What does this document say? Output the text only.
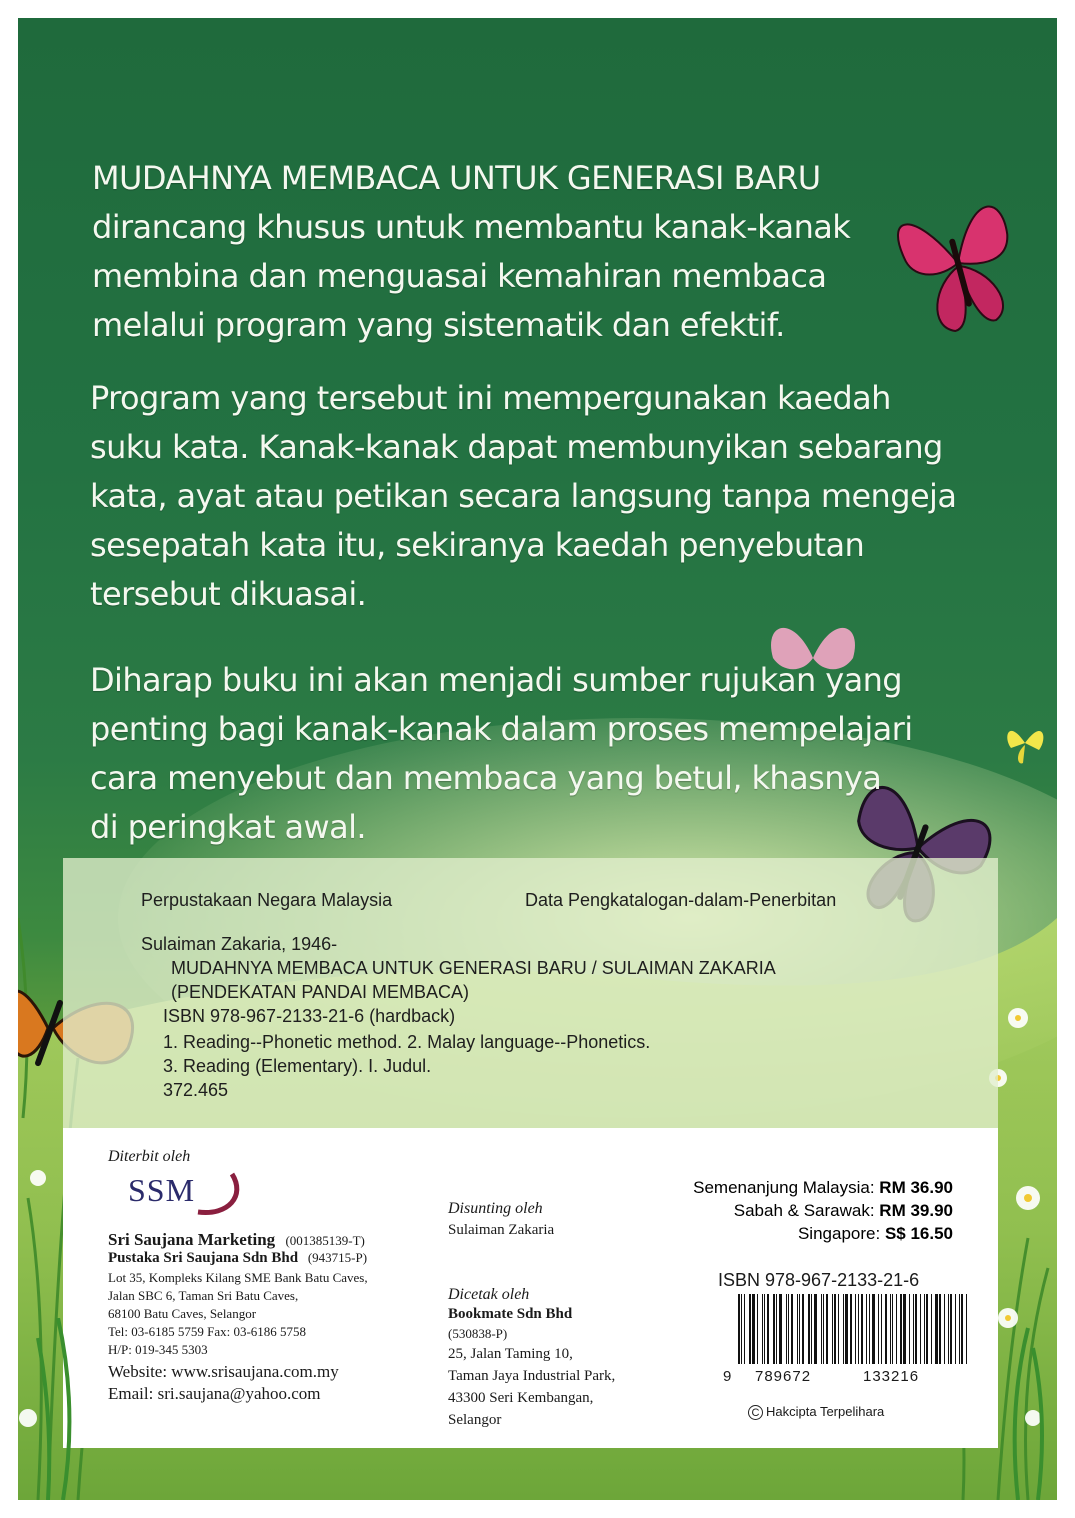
MUDAHNYA MEMBACA UNTUK GENERASI BARU
dirancang khusus untuk membantu kanak-kanak
membina dan menguasai kemahiran membaca
melalui program yang sistematik dan efektif.
Program yang tersebut ini mempergunakan kaedah
suku kata. Kanak-kanak dapat membunyikan sebarang
kata, ayat atau petikan secara langsung tanpa mengeja
sesepatah kata itu, sekiranya kaedah penyebutan
tersebut dikuasai.
Diharap buku ini akan menjadi sumber rujukan yang
penting bagi kanak-kanak dalam proses mempelajari
cara menyebut dan membaca yang betul, khasnya
di peringkat awal.
Perpustakaan Negara Malaysia	Data Pengkatalogan-dalam-Penerbitan
Sulaiman Zakaria, 1946-
MUDAHNYA MEMBACA UNTUK GENERASI BARU / SULAIMAN ZAKARIA
(PENDEKATAN PANDAI MEMBACA)
ISBN 978-967-2133-21-6 (hardback)
1. Reading--Phonetic method. 2. Malay language--Phonetics.
3. Reading (Elementary). I. Judul.
372.465
Diterbit oleh
SSM
Sri Saujana Marketing (001385139-T)
Pustaka Sri Saujana Sdn Bhd (943715-P)
Lot 35, Kompleks Kilang SME Bank Batu Caves,
Jalan SBC 6, Taman Sri Batu Caves,
68100 Batu Caves, Selangor
Tel: 03-6185 5759 Fax: 03-6186 5758
H/P: 019-345 5303
Website: www.srisaujana.com.my
Email: sri.saujana@yahoo.com
Disunting oleh
Sulaiman Zakaria
Dicetak oleh
Bookmate Sdn Bhd
(530838-P)
25, Jalan Taming 10,
Taman Jaya Industrial Park,
43300 Seri Kembangan,
Selangor
Semenanjung Malaysia: RM 36.90
Sabah & Sarawak: RM 39.90
Singapore: S$ 16.50
ISBN 978-967-2133-21-6
9 789672	133216
C Hakcipta Terpelihara
